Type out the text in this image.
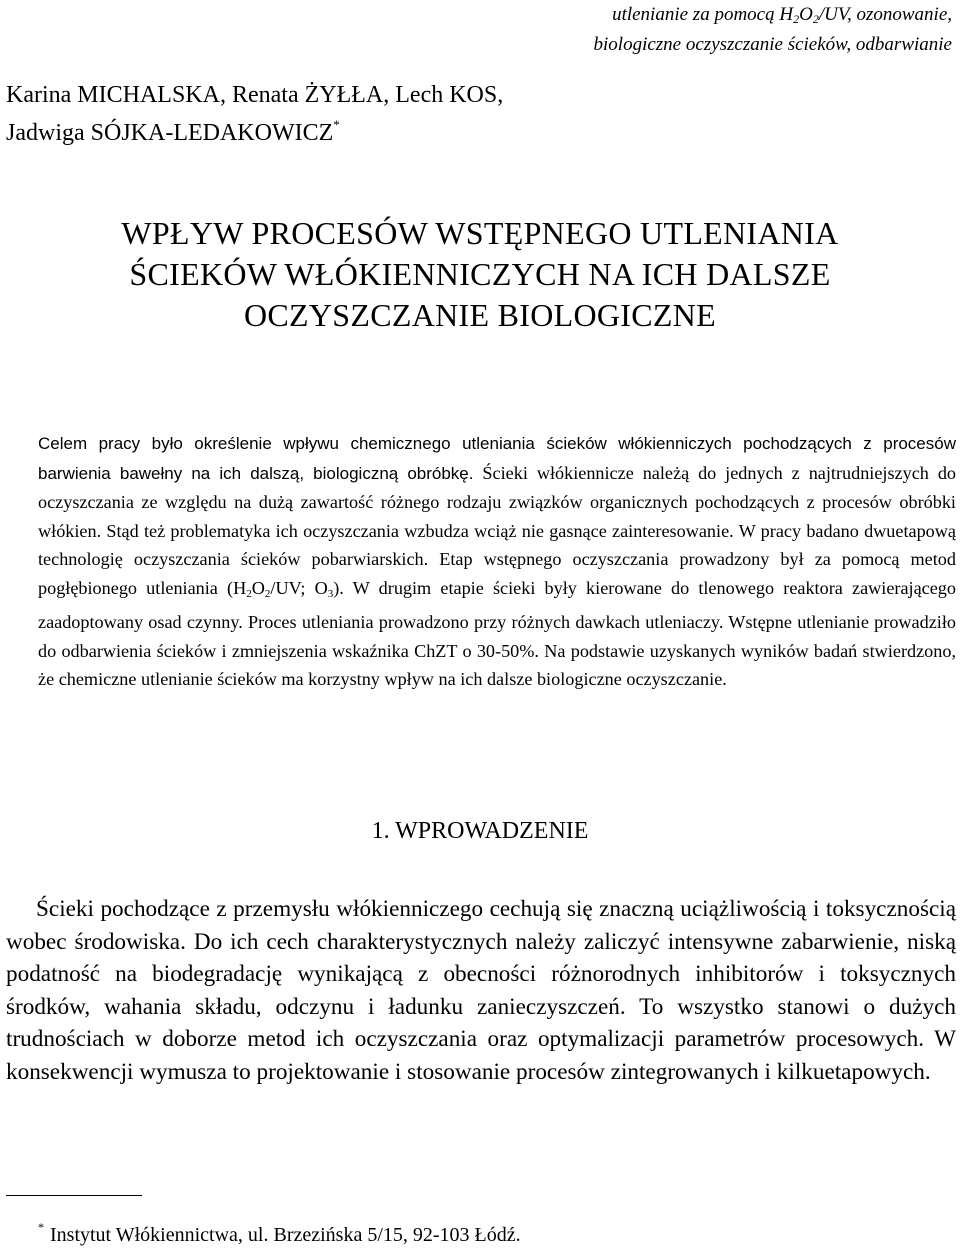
utlenianie za pomocą $H_2O_2/UV$, ozonowanie,
biologiczne oczyszczanie ścieków, odbarwianie
Karina MICHALSKA, Renata ŻYŁŁA, Lech KOS,
Jadwiga SÓJKA-LEDAKOWICZ*
WPŁYW PROCESÓW WSTĘPNEGO UTLENIANIA
ŚCIEKÓW WŁÓKIENNICZYCH NA ICH DALSZE
OCZYSZCZANIE BIOLOGICZNE
Celem pracy było określenie wpływu chemicznego utleniania ścieków włókienniczych pochodzących z procesów barwienia bawełny na ich dalszą, biologiczną obróbkę. Ścieki włókiennicze należą do jednych z najtrudniejszych do oczyszczania ze względu na dużą zawartość różnego rodzaju związków organicznych pochodzących z procesów obróbki włókien. Stąd też problematyka ich oczyszczania wzbudza wciąż nie gasnące zainteresowanie. W pracy badano dwuetapową technologię oczyszczania ścieków pobarwiarskich. Etap wstępnego oczyszczania prowadzony był za pomocą metod pogłębionego utleniania ($H_2O_2/UV$; $O_3$). W drugim etapie ścieki były kierowane do tlenowego reaktora zawierającego zaadoptowany osad czynny. Proces utleniania prowadzono przy różnych dawkach utleniaczy. Wstępne utlenianie prowadziło do odbarwienia ścieków i zmniejszenia wskaźnika ChZT o 30-50%. Na podstawie uzyskanych wyników badań stwierdzono, że chemiczne utlenianie ścieków ma korzystny wpływ na ich dalsze biologiczne oczyszczanie.
1. WPROWADZENIE
Ścieki pochodzące z przemysłu włókienniczego cechują się znaczną uciążliwością i toksycznością wobec środowiska. Do ich cech charakterystycznych należy zaliczyć intensywne zabarwienie, niską podatność na biodegradację wynikającą z obecności różnorodnych inhibitorów i toksycznych środków, wahania składu, odczynu i ładunku zanieczyszczeń. To wszystko stanowi o dużych trudnościach w doborze metod ich oczyszczania oraz optymalizacji parametrów procesowych. W konsekwencji wymusza to projektowanie i stosowanie procesów zintegrowanych i kilkuetapowych.
* Instytut Włókiennictwa, ul. Brzezińska 5/15, 92-103 Łódź.
